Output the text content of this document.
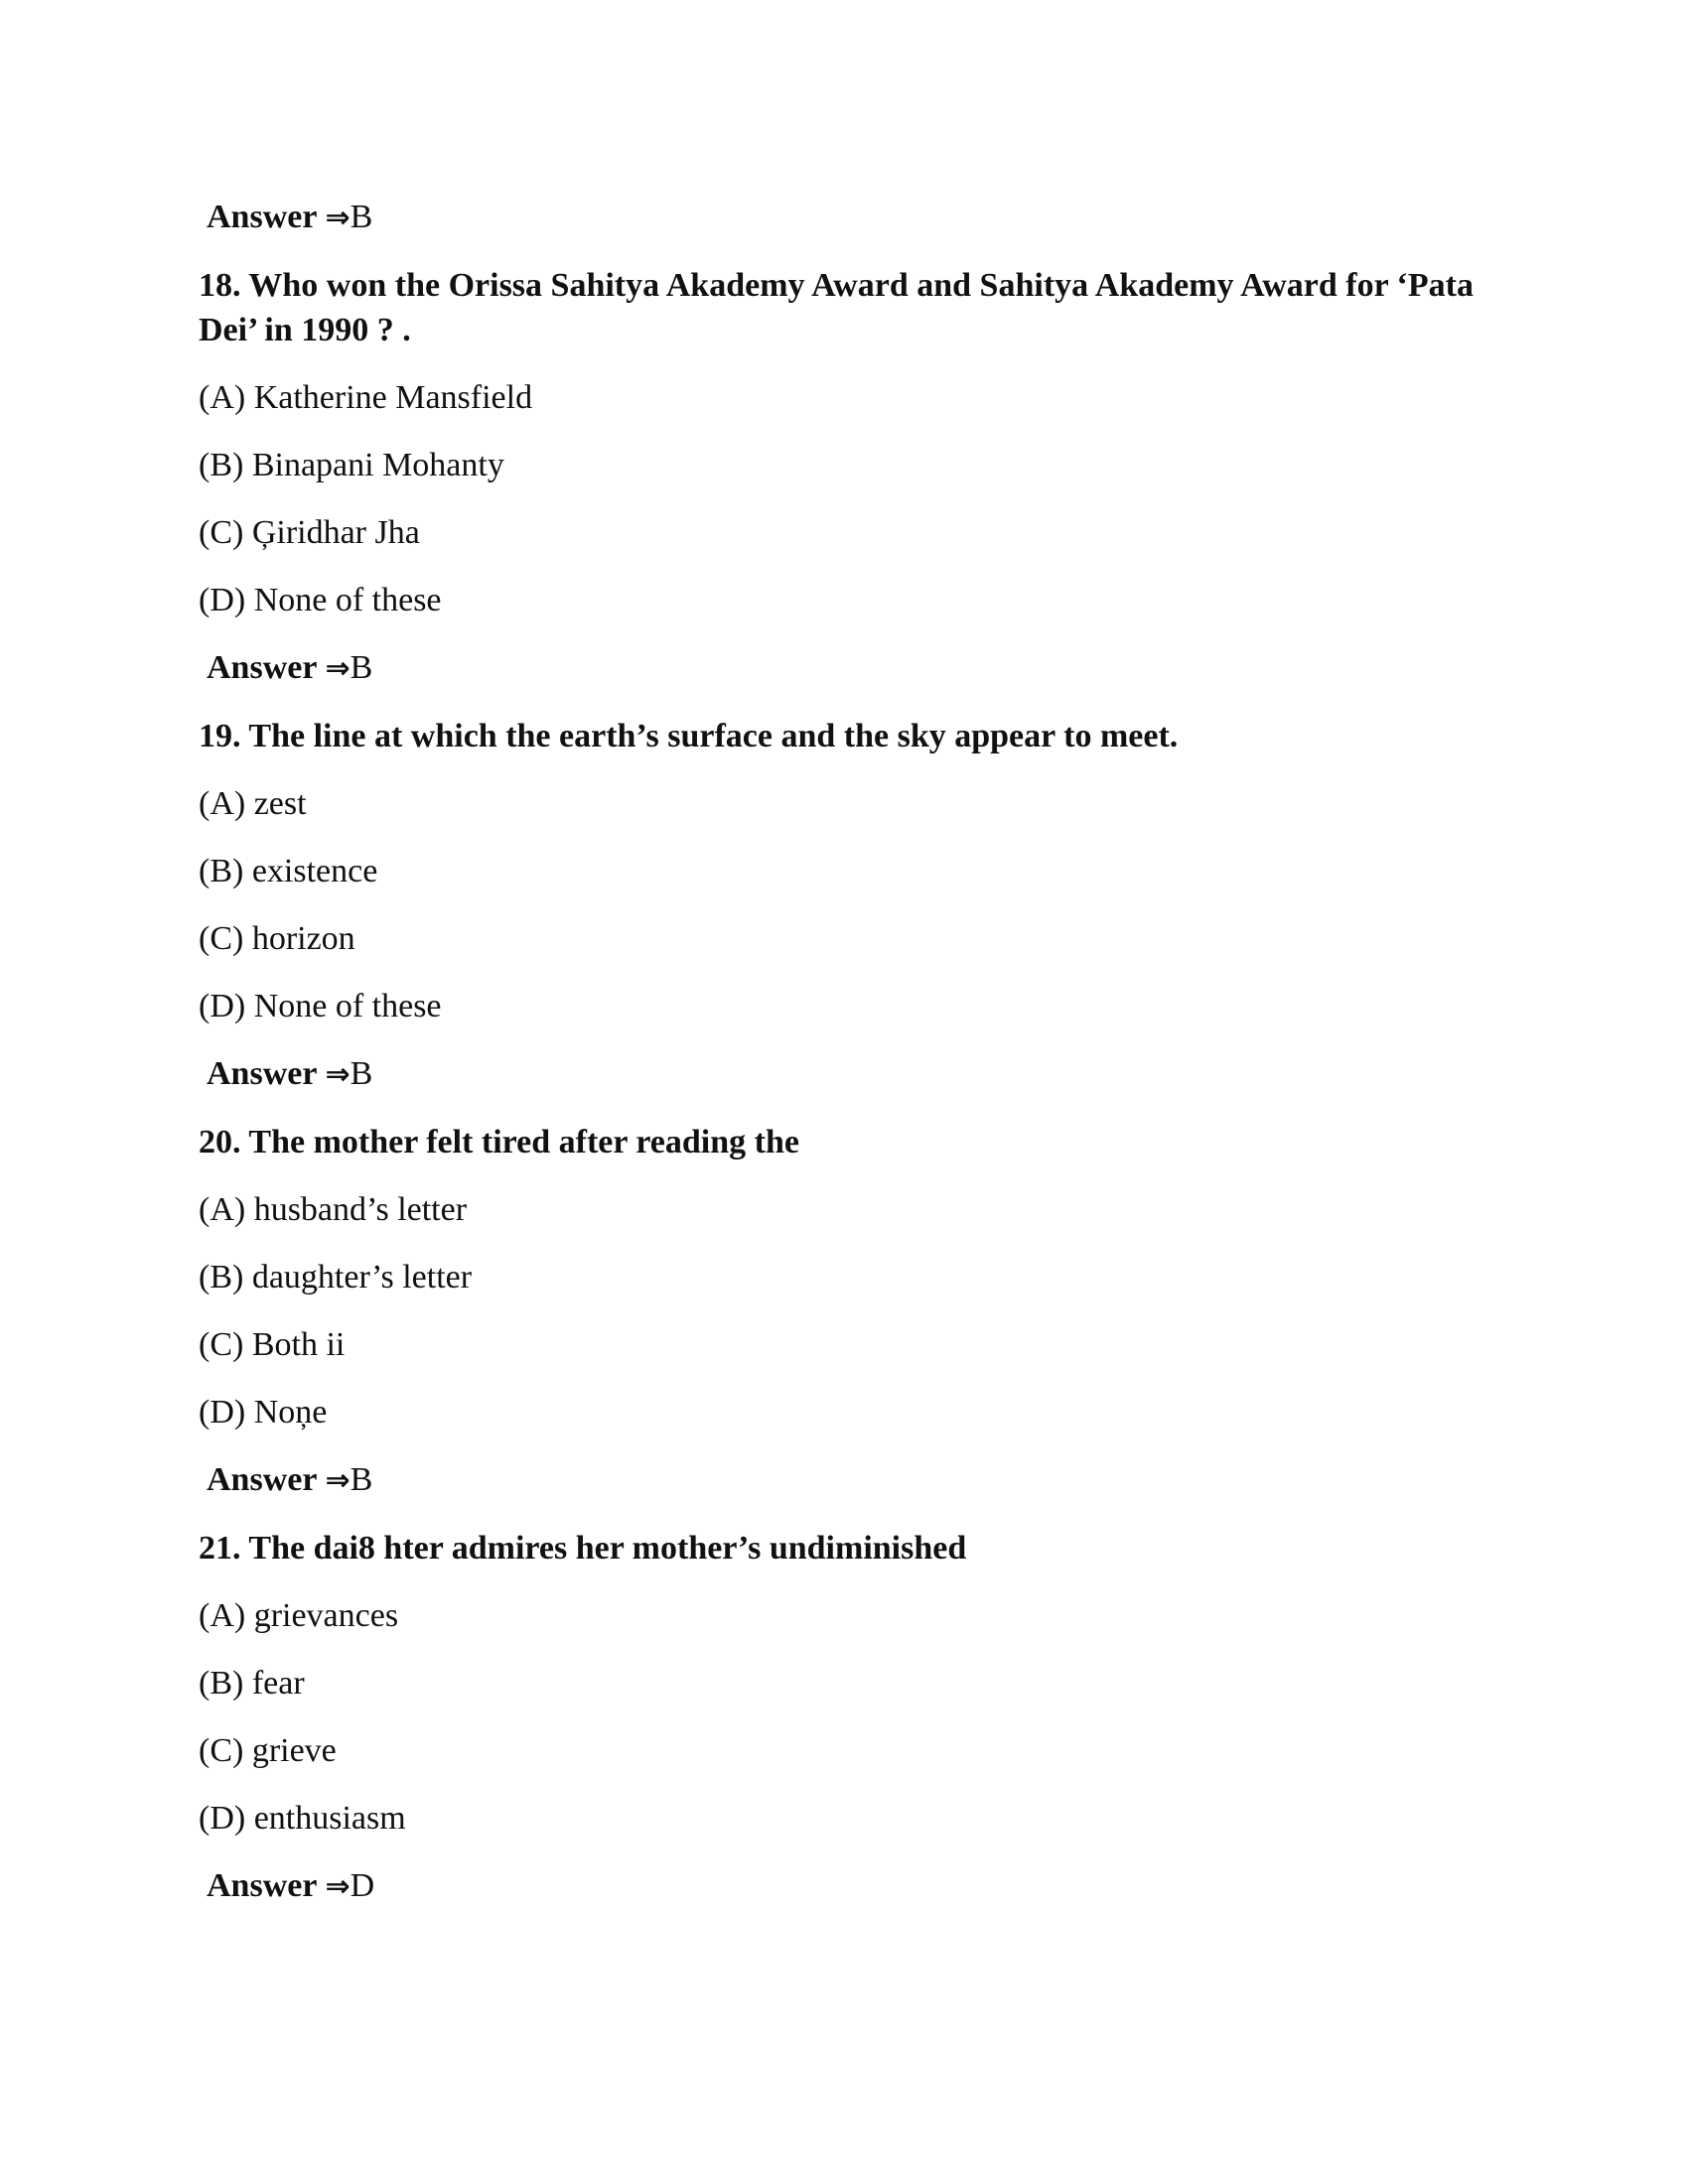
Answer ⇒B
18. Who won the Orissa Sahitya Akademy Award and Sahitya Akademy Award for ‘Pata Dei’ in 1990 ? .
(A) Katherine Mansfield
(B) Binapani Mohanty
(C) Ģiridhar Jha
(D) None of these
Answer ⇒B
19. The line at which the earth’s surface and the sky appear to meet.
(A) zest
(B) existence
(C) horizon
(D) None of these
Answer ⇒B
20. The mother felt tired after reading the
(A) husband’s letter
(B) daughter’s letter
(C) Both ii
(D) Noņe
Answer ⇒B
21. The dai8 hter admires her mother’s undiminished
(A) grievances
(B) fear
(C) grieve
(D) enthusiasm
Answer ⇒D
